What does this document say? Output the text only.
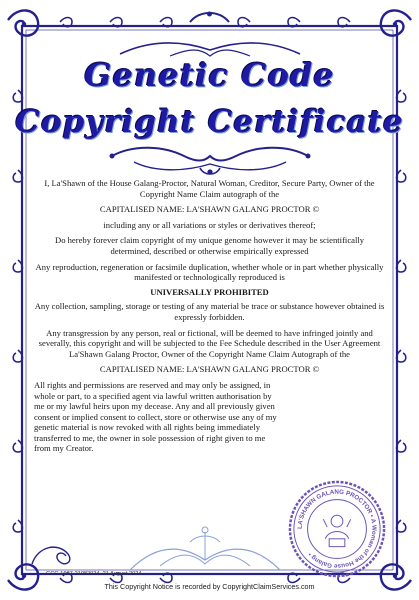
Genetic Code
Copyright Certificate

I, La'Shawn of the House Galang-Proctor, Natural Woman, Creditor, Secure Party, Owner of the Copyright Name Claim autograph of the

CAPITALISED NAME: LA'SHAWN GALANG PROCTOR ©

including any or all variations or styles or derivatives thereof;

Do hereby forever claim copyright of my unique genome however it may be scientifically determined, described or otherwise empirically expressed

Any reproduction, regeneration or facsimile duplication, whether whole or in part whether physically manifested or technologically reproduced is

UNIVERSALLY PROHIBITED

Any collection, sampling, storage or testing of any material be trace or substance however obtained is expressly forbidden.

Any transgression by any person, real or fictional, will be deemed to have infringed jointly and severally, this copyright and will be subjected to the Fee Schedule described in the User Agreement La'Shawn Galang Proctor, Owner of the Copyright Name Claim Autograph of the

CAPITALISED NAME: LA'SHAWN GALANG PROCTOR ©

All rights and permissions are reserved and may only be assigned, in whole or part, to a specified agent via lawful written authorisation by me or my lawful heirs upon my decease. Any and all previously given consent or implied consent to collect, store or otherwise use any of my genetic material is now revoked with all rights being immediately transferred to me, the owner in sole possession of right given to me from my Creator.

LA'SHAWN GALANG PROCTOR • A Woman of the House Galang •
GCC-1687-21082024 21 August 2024
This Copyright Notice is recorded by CopyrightClaimServices.com
